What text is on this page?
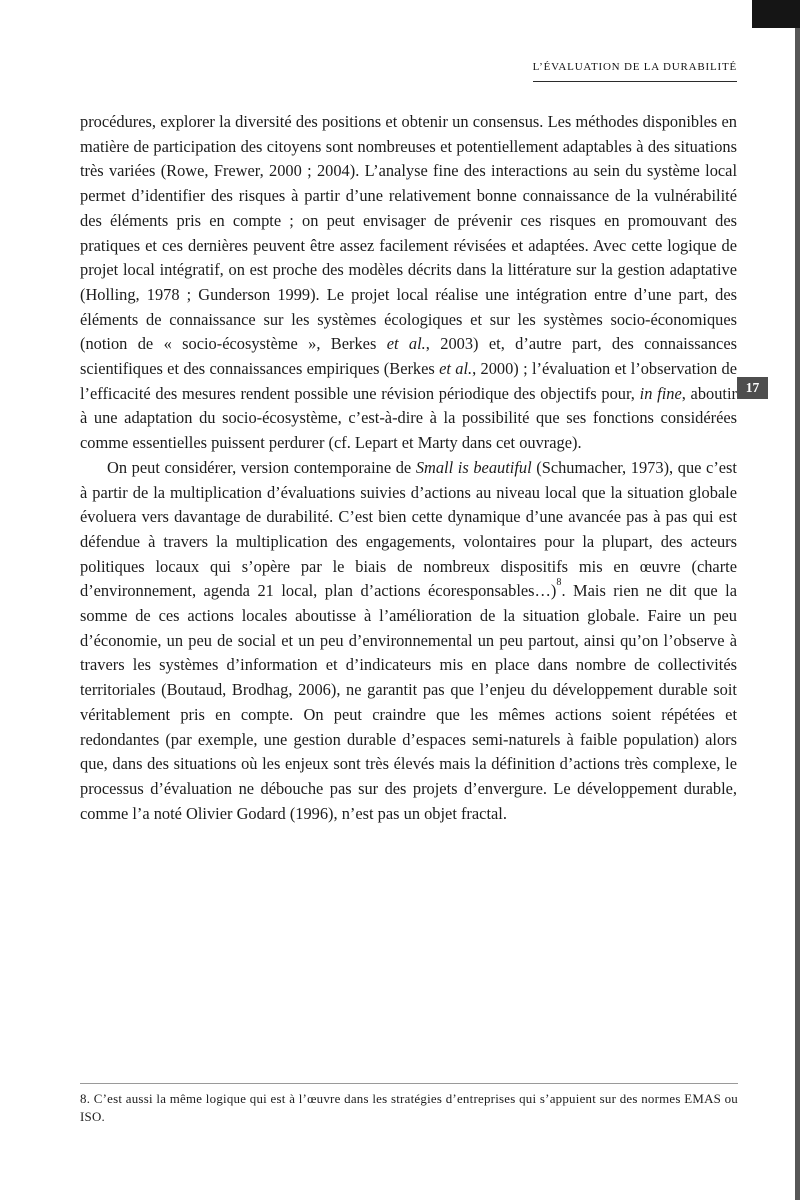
L’ÉVALUATION DE LA DURABILITÉ
17

procédures, explorer la diversité des positions et obtenir un consensus. Les méthodes disponibles en matière de participation des citoyens sont nombreuses et potentiellement adaptables à des situations très variées (Rowe, Frewer, 2000 ; 2004). L’analyse fine des interactions au sein du système local permet d’identifier des risques à partir d’une relativement bonne connaissance de la vulnérabilité des éléments pris en compte ; on peut envisager de prévenir ces risques en promouvant des pratiques et ces dernières peuvent être assez facilement révisées et adaptées. Avec cette logique de projet local intégratif, on est proche des modèles décrits dans la littérature sur la gestion adaptative (Holling, 1978 ; Gunderson 1999). Le projet local réalise une intégration entre d’une part, des éléments de connaissance sur les systèmes écologiques et sur les systèmes socio-économiques (notion de « socio-écosystème », Berkes et al., 2003) et, d’autre part, des connaissances scientifiques et des connaissances empiriques (Berkes et al., 2000) ; l’évaluation et l’observation de l’efficacité des mesures rendent possible une révision périodique des objectifs pour, in fine, aboutir à une adaptation du socio-écosystème, c’est-à-dire à la possibilité que ses fonctions considérées comme essentielles puissent perdurer (cf. Lepart et Marty dans cet ouvrage).

On peut considérer, version contemporaine de Small is beautiful (Schumacher, 1973), que c’est à partir de la multiplication d’évaluations suivies d’actions au niveau local que la situation globale évoluera vers davantage de durabilité. C’est bien cette dynamique d’une avancée pas à pas qui est défendue à travers la multiplication des engagements, volontaires pour la plupart, des acteurs politiques locaux qui s’opère par le biais de nombreux dispositifs mis en œuvre (charte d’environnement, agenda 21 local, plan d’actions écoresponsables…)$^8$. Mais rien ne dit que la somme de ces actions locales aboutisse à l’amélioration de la situation globale. Faire un peu d’économie, un peu de social et un peu d’environnemental un peu partout, ainsi qu’on l’observe à travers les systèmes d’information et d’indicateurs mis en place dans nombre de collectivités territoriales (Boutaud, Brodhag, 2006), ne garantit pas que l’enjeu du développement durable soit véritablement pris en compte. On peut craindre que les mêmes actions soient répétées et redondantes (par exemple, une gestion durable d’espaces semi-naturels à faible population) alors que, dans des situations où les enjeux sont très élevés mais la définition d’actions très complexe, le processus d’évaluation ne débouche pas sur des projets d’envergure. Le développement durable, comme l’a noté Olivier Godard (1996), n’est pas un objet fractal.

8. C’est aussi la même logique qui est à l’œuvre dans les stratégies d’entreprises qui s’appuient sur des normes EMAS ou ISO.
